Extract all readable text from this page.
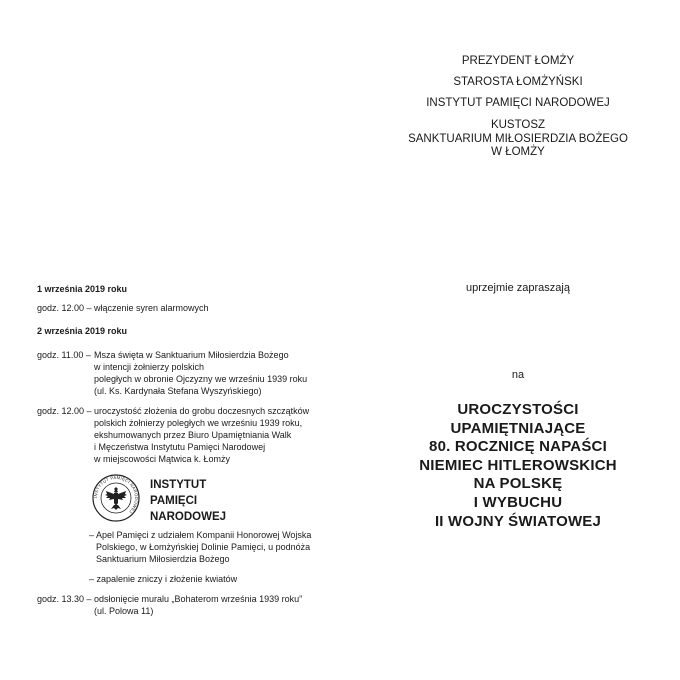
PREZYDENT ŁOMŻY
STAROSTA ŁOMŻYŃSKI
INSTYTUT PAMIĘCI NARODOWEJ
KUSTOSZ
SANKTUARIUM MIŁOSIERDZIA BOŻEGO
W ŁOMŻY
uprzejmie zapraszają
na
UROCZYSTOŚCI
UPAMIĘTNIAJĄCE
80. ROCZNICĘ NAPAŚCI
NIEMIEC HITLEROWSKICH
NA POLSKĘ
I WYBUCHU
II WOJNY ŚWIATOWEJ
1 września 2019 roku
godz. 12.00 – włączenie syren alarmowych
2 września 2019 roku
godz. 11.00 – Msza święta w Sanktuarium Miłosierdzia Bożego
w intencji żołnierzy polskich
poległych w obronie Ojczyzny we wrześniu 1939 roku
(ul. Ks. Kardynała Stefana Wyszyńskiego)
godz. 12.00 – uroczystość złożenia do grobu doczesnych szczątków
polskich żołnierzy poległych we wrześniu 1939 roku,
ekshumowanych przez Biuro Upamiętniania Walk
i Męczeństwa Instytutu Pamięci Narodowej
w miejscowości Mątwica k. Łomży
INSTYTUT PAMIĘCI NARODOWEJ
INSTYTUT
PAMIĘCI
NARODOWEJ
– Apel Pamięci z udziałem Kompanii Honorowej Wojska
Polskiego, w Łomżyńskiej Dolinie Pamięci, u podnóża
Sanktuarium Miłosierdzia Bożego
– zapalenie zniczy i złożenie kwiatów
godz. 13.30 – odsłonięcie muralu „Bohaterom września 1939 roku”
(ul. Polowa 11)
